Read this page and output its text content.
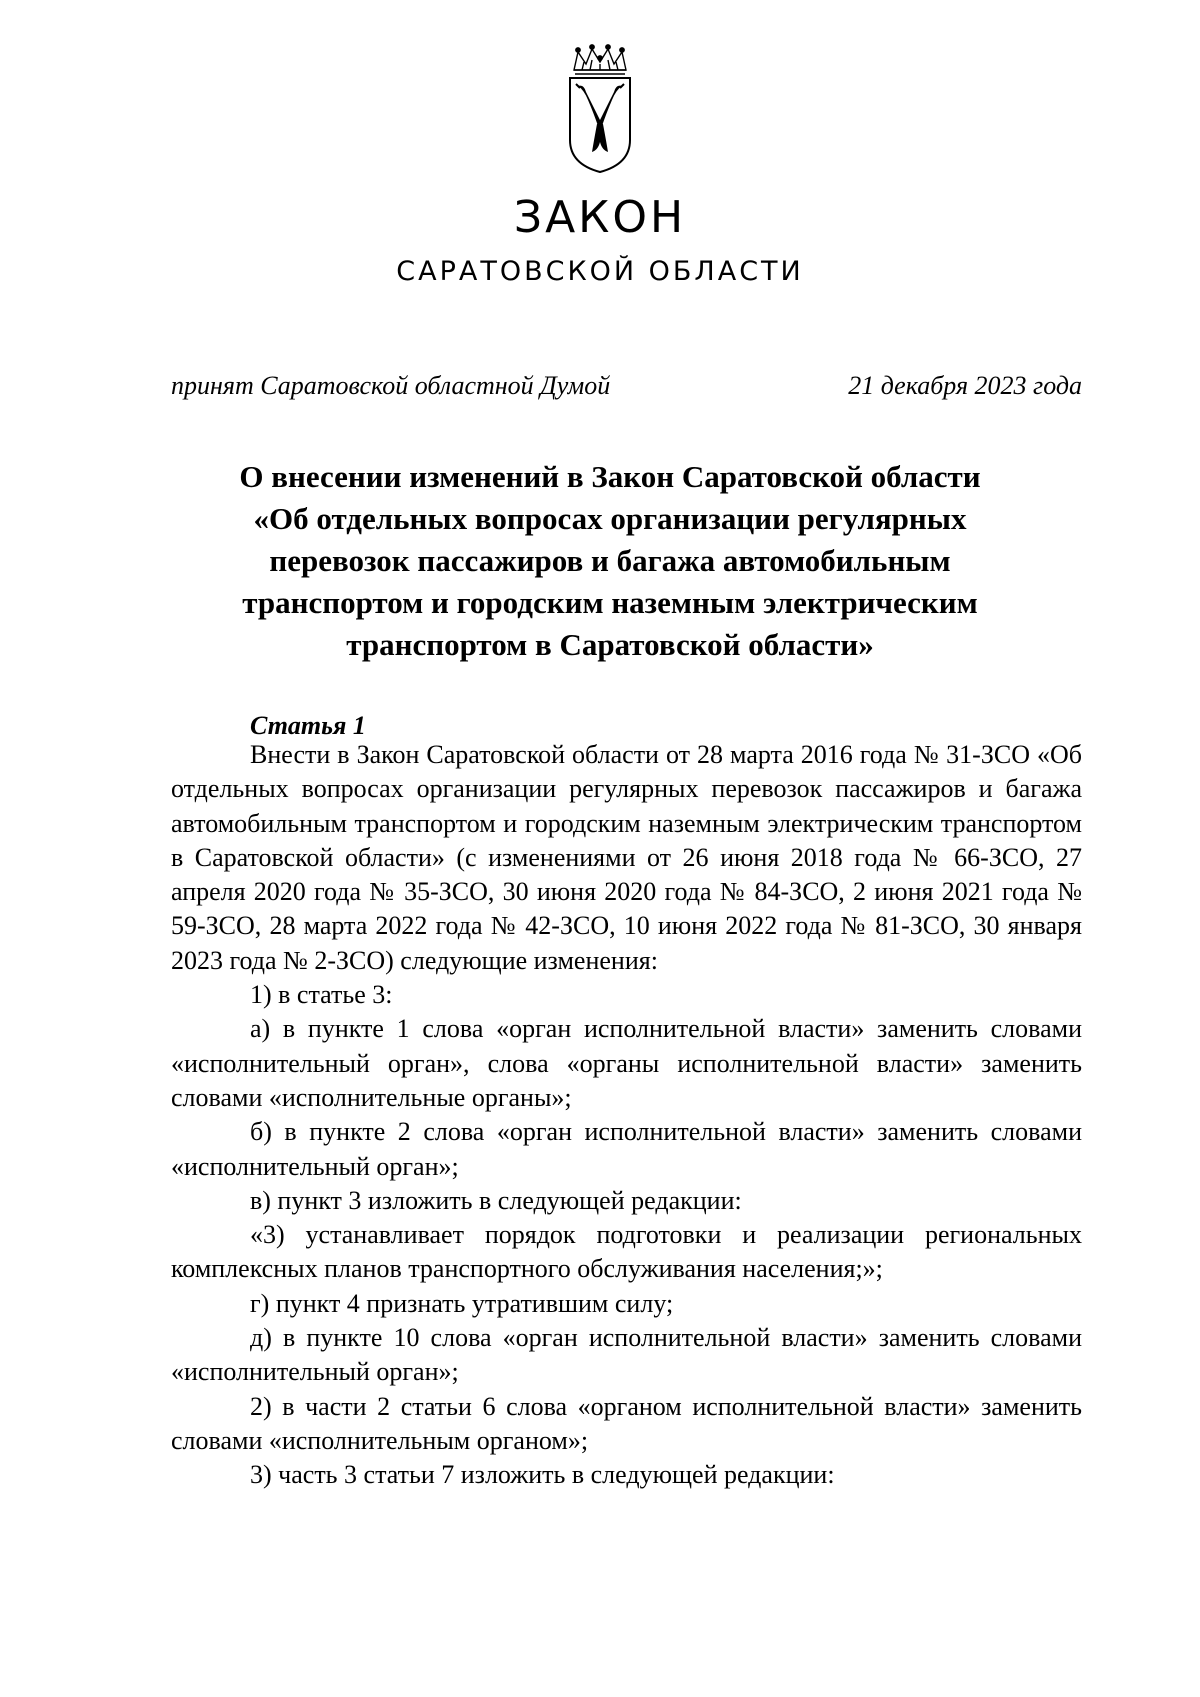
ЗАКОН
САРАТОВСКОЙ ОБЛАСТИ
принят Саратовской областной Думой	21 декабря 2023 года
О внесении изменений в Закон Саратовской области
«Об отдельных вопросах организации регулярных
перевозок пассажиров и багажа автомобильным
транспортом и городским наземным электрическим
транспортом в Саратовской области»
Статья 1

Внести в Закон Саратовской области от 28 марта 2016 года № 31-ЗСО «Об отдельных вопросах организации регулярных перевозок пассажиров и багажа автомобильным транспортом и городским наземным электрическим транспортом в Саратовской области» (с изменениями от 26 июня 2018 года № 66-ЗСО, 27 апреля 2020 года № 35-ЗСО, 30 июня 2020 года № 84-ЗСО, 2 июня 2021 года № 59-ЗСО, 28 марта 2022 года № 42-ЗСО, 10 июня 2022 года № 81-ЗСО, 30 января 2023 года № 2-ЗСО) следующие изменения:

1) в статье 3:

а) в пункте 1 слова «орган исполнительной власти» заменить словами «исполнительный орган», слова «органы исполнительной власти» заменить словами «исполнительные органы»;

б) в пункте 2 слова «орган исполнительной власти» заменить словами «исполнительный орган»;

в) пункт 3 изложить в следующей редакции:

«3) устанавливает порядок подготовки и реализации региональных комплексных планов транспортного обслуживания населения;»;

г) пункт 4 признать утратившим силу;

д) в пункте 10 слова «орган исполнительной власти» заменить словами «исполнительный орган»;

2) в части 2 статьи 6 слова «органом исполнительной власти» заменить словами «исполнительным органом»;

3) часть 3 статьи 7 изложить в следующей редакции:
